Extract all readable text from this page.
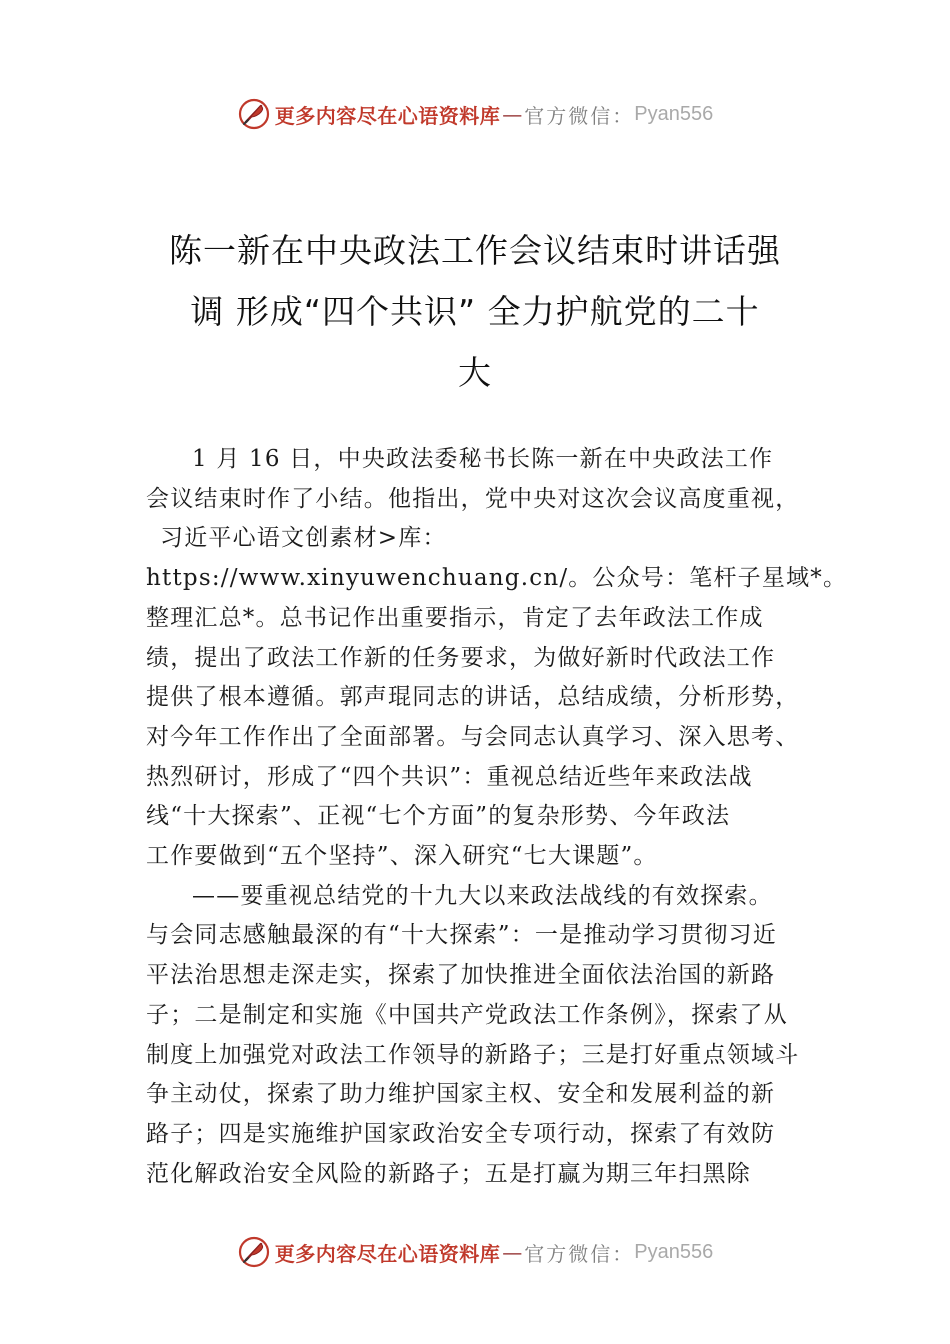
更多内容尽在心语资料库 — 官方微信： Pyan556
陈一新在中央政法工作会议结束时讲话强
调 形成“四个共识” 全力护航党的二十
大
1 月 16 日，中央政法委秘书长陈一新在中央政法工作
会议结束时作了小结。他指出，党中央对这次会议高度重视，
习近平心语文创素材>库：
https://www.xinyuwenchuang.cn/。公众号：笔杆子星域*。
整理汇总*。总书记作出重要指示，肯定了去年政法工作成
绩，提出了政法工作新的任务要求，为做好新时代政法工作
提供了根本遵循。郭声琨同志的讲话，总结成绩，分析形势，
对今年工作作出了全面部署。与会同志认真学习、深入思考、
热烈研讨，形成了“四个共识”：重视总结近些年来政法战
线“十大探索”、正视“七个方面”的复杂形势、今年政法
工作要做到“五个坚持”、深入研究“七大课题”。
——要重视总结党的十九大以来政法战线的有效探索。
与会同志感触最深的有“十大探索”：一是推动学习贯彻习近
平法治思想走深走实，探索了加快推进全面依法治国的新路
子；二是制定和实施《中国共产党政法工作条例》，探索了从
制度上加强党对政法工作领导的新路子；三是打好重点领域斗
争主动仗，探索了助力维护国家主权、安全和发展利益的新
路子；四是实施维护国家政治安全专项行动，探索了有效防
范化解政治安全风险的新路子；五是打赢为期三年扫黑除
更多内容尽在心语资料库 — 官方微信： Pyan556
